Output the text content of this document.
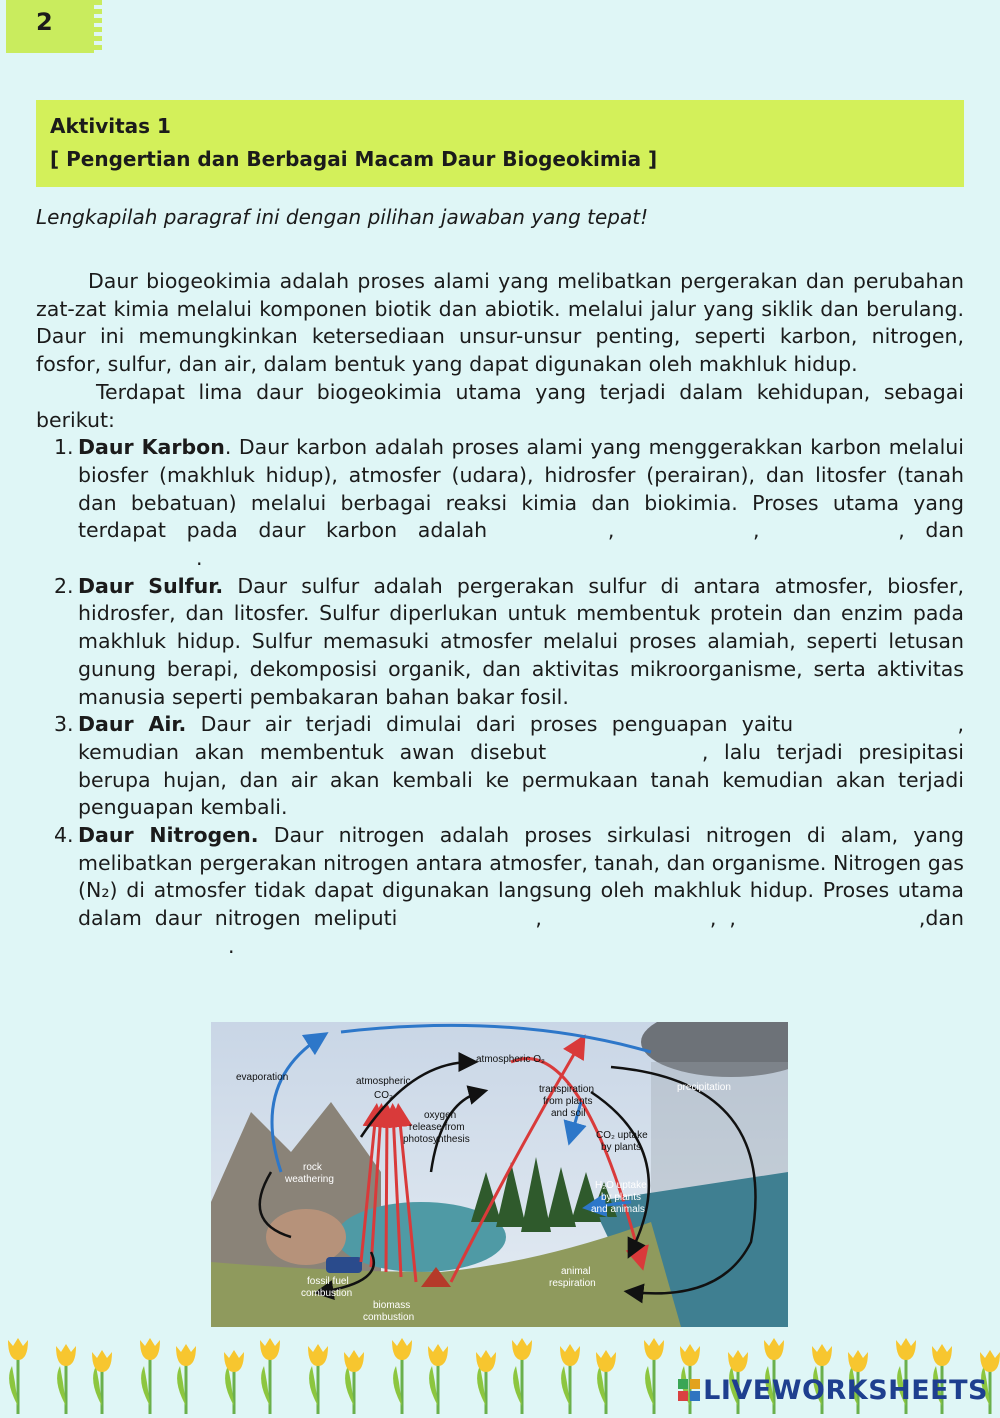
2
Aktivitas 1
[ Pengertian dan Berbagai Macam Daur Biogeokimia ]
Lengkapilah paragraf ini dengan pilihan jawaban yang tepat!

Daur biogeokimia adalah proses alami yang melibatkan pergerakan dan perubahan zat-zat kimia melalui komponen biotik dan abiotik. melalui jalur yang siklik dan berulang. Daur ini memungkinkan ketersediaan unsur-unsur penting, seperti karbon, nitrogen, fosfor, sulfur, dan air, dalam bentuk yang dapat digunakan oleh makhluk hidup.

Terdapat lima daur biogeokimia utama yang terjadi dalam kehidupan, sebagai berikut:

1. Daur Karbon. Daur karbon adalah proses alami yang menggerakkan karbon melalui biosfer (makhluk hidup), atmosfer (udara), hidrosfer (perairan), dan litosfer (tanah dan bebatuan) melalui berbagai reaksi kimia dan biokimia. Proses utama yang terdapat pada daur karbon adalah	,	,	, dan .
2. Daur Sulfur. Daur sulfur adalah pergerakan sulfur di antara atmosfer, biosfer, hidrosfer, dan litosfer. Sulfur diperlukan untuk membentuk protein dan enzim pada makhluk hidup. Sulfur memasuki atmosfer melalui proses alamiah, seperti letusan gunung berapi, dekomposisi organik, dan aktivitas mikroorganisme, serta aktivitas manusia seperti pembakaran bahan bakar fosil.
3. Daur Air. Daur air terjadi dimulai dari proses penguapan yaitu	, kemudian akan membentuk awan disebut	, lalu terjadi presipitasi berupa hujan, dan air akan kembali ke permukaan tanah kemudian akan terjadi penguapan kembali.
4. Daur Nitrogen. Daur nitrogen adalah proses sirkulasi nitrogen di alam, yang melibatkan pergerakan nitrogen antara atmosfer, tanah, dan organisme. Nitrogen gas (N₂) di atmosfer tidak dapat digunakan langsung oleh makhluk hidup. Proses utama dalam daur nitrogen meliputi	,	, ,	,dan .
evaporation	atmospheric
CO₂
atmospheric O₂
oxygen
release from
photosynthesis
transpiration
from plants
and soil
CO₂ uptake
by plants
precipitation
rock
weathering
H₂O uptake
by plants
and animals
fossil fuel
combustion
animal
respiration
biomass
combustion
LIVEWORKSHEETS
